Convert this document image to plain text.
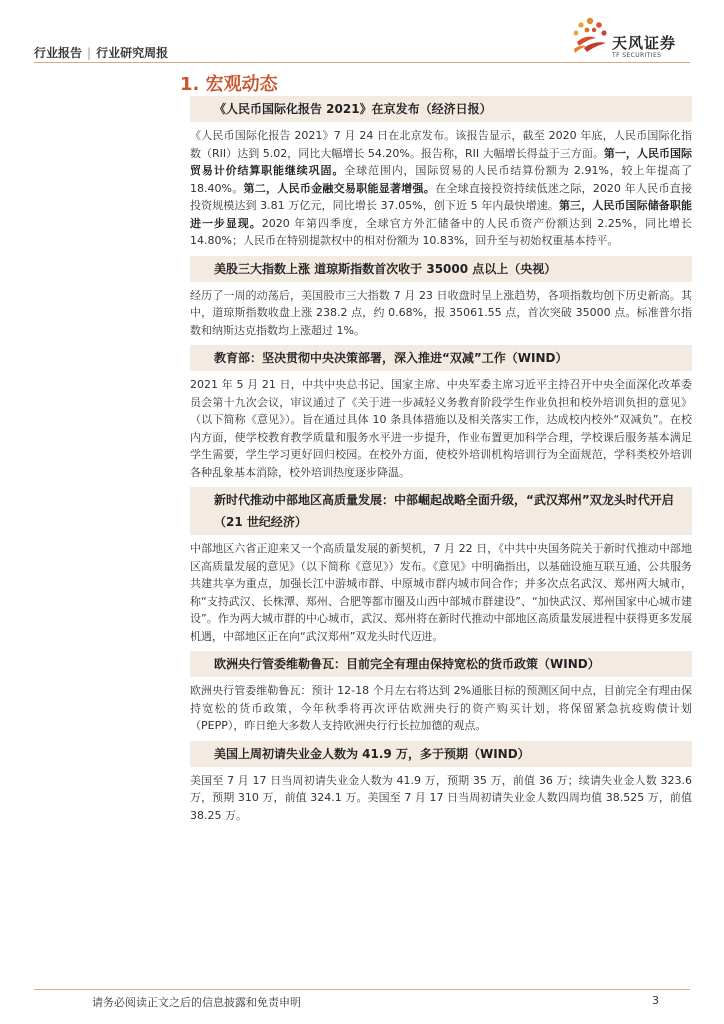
行业报告 | 行业研究周报
天风证券
TF SECURITIES
1. 宏观动态
《人民币国际化报告 2021》在京发布（经济日报）

《人民币国际化报告 2021》7 月 24 日在北京发布。该报告显示，截至 2020 年底，人民币国际化指数（RII）达到 5.02，同比大幅增长 54.20%。报告称，RII 大幅增长得益于三方面。第一，人民币国际贸易计价结算职能继续巩固。全球范围内，国际贸易的人民币结算份额为 2.91%，较上年提高了 18.40%。第二，人民币金融交易职能显著增强。在全球直接投资持续低迷之际，2020 年人民币直接投资规模达到 3.81 万亿元，同比增长 37.05%，创下近 5 年内最快增速。第三，人民币国际储备职能进一步显现。2020 年第四季度，全球官方外汇储备中的人民币资产份额达到 2.25%，同比增长 14.80%；人民币在特别提款权中的相对份额为 10.83%，回升至与初始权重基本持平。

美股三大指数上涨 道琼斯指数首次收于 35000 点以上（央视）

经历了一周的动荡后，美国股市三大指数 7 月 23 日收盘时呈上涨趋势，各项指数均创下历史新高。其中，道琼斯指数收盘上涨 238.2 点，约 0.68%，报 35061.55 点，首次突破 35000 点。标准普尔指数和纳斯达克指数均上涨超过 1%。

教育部：坚决贯彻中央决策部署，深入推进“双减”工作（WIND）

2021 年 5 月 21 日，中共中央总书记、国家主席、中央军委主席习近平主持召开中央全面深化改革委员会第十九次会议，审议通过了《关于进一步减轻义务教育阶段学生作业负担和校外培训负担的意见》（以下简称《意见》）。旨在通过具体 10 条具体措施以及相关落实工作，达成校内校外“双减负”。在校内方面，使学校教育教学质量和服务水平进一步提升，作业布置更加科学合理，学校课后服务基本满足学生需要，学生学习更好回归校园。在校外方面，使校外培训机构培训行为全面规范，学科类校外培训各种乱象基本消除，校外培训热度逐步降温。

新时代推动中部地区高质量发展：中部崛起战略全面升级，“武汉郑州”双龙头时代开启（21 世纪经济）

中部地区六省正迎来又一个高质量发展的新契机，7 月 22 日，《中共中央国务院关于新时代推动中部地区高质量发展的意见》（以下简称《意见》）发布。《意见》中明确指出，以基础设施互联互通、公共服务共建共享为重点，加强长江中游城市群、中原城市群内城市间合作；并多次点名武汉、郑州两大城市，称“支持武汉、长株潭、郑州、合肥等都市圈及山西中部城市群建设”、“加快武汉、郑州国家中心城市建设”。作为两大城市群的中心城市，武汉、郑州将在新时代推动中部地区高质量发展进程中获得更多发展机遇，中部地区正在向“武汉郑州”双龙头时代迈进。

欧洲央行管委维勒鲁瓦：目前完全有理由保持宽松的货币政策（WIND）

欧洲央行管委维勒鲁瓦：预计 12-18 个月左右将达到 2%通胀目标的预测区间中点，目前完全有理由保持宽松的货币政策，今年秋季将再次评估欧洲央行的资产购买计划，将保留紧急抗疫购债计划（PEPP），昨日绝大多数人支持欧洲央行行长拉加德的观点。

美国上周初请失业金人数为 41.9 万，多于预期（WIND）

美国至 7 月 17 日当周初请失业金人数为 41.9 万，预期 35 万，前值 36 万；续请失业金人数 323.6 万，预期 310 万，前值 324.1 万。美国至 7 月 17 日当周初请失业金人数四周均值 38.525 万，前值 38.25 万。

请务必阅读正文之后的信息披露和免责申明	3
